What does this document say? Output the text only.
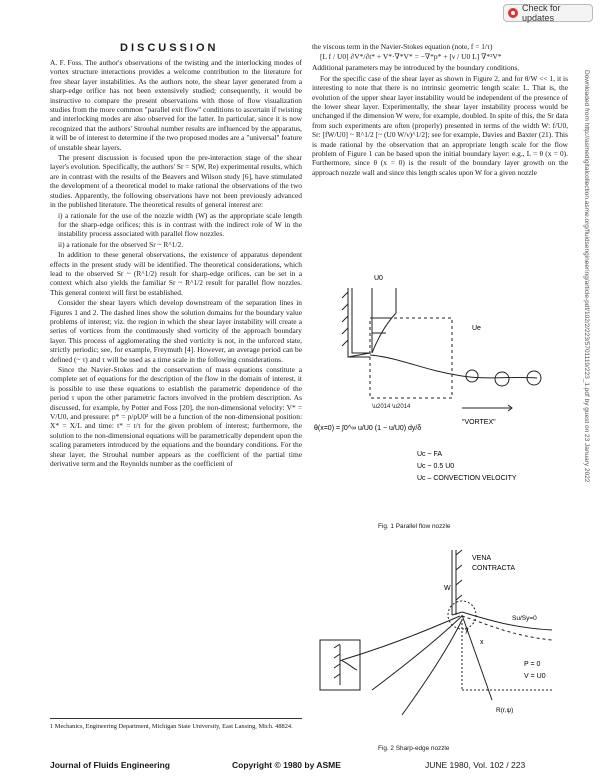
Check for updates
Downloaded from http://asmedigitalcollection.asme.org/fluidsengineering/article-pdf/102/2/223/5701119/223_1.pdf by guest on 23 January 2022
DISCUSSION

A. F. Foss. The author's observations of the twisting and the interlocking modes of vortex structure interactions provides a welcome contribution to the literature for free shear layer instabilities. As the authors note, the shear layer generated from a sharp-edge orifice has not been extensively studied; consequently, it would be instructive to compare the present observations with those of flow visualization studies from the more common "parallel exit flow" conditions to ascertain if twisting and interlocking modes are also observed for the latter. In particular, since it is now recognized that the authors' Strouhal number results are influenced by the apparatus, it will be of interest to determine if the two proposed modes are a "universal" feature of unstable shear layers.

The present discussion is focused upon the pre-interaction stage of the shear layer's evolution. Specifically, the authors' Sr = S(W, Re) experimental results, which are in contrast with the results of the Beavers and Wilson study [6], have stimulated the development of a theoretical model to make rational the observations of the two studies. Apparently, the following observations have not been previously advanced in the published literature. The theoretical results of general interest are:

i) a rationale for the use of the nozzle width (W) as the appropriate scale length for the sharp-edge orifices; this is in contrast with the indirect role of W in the instability process associated with parallel flow nozzles.

ii) a rationale for the observed Sr ~ R^1/2.

In addition to these general observations, the existence of apparatus dependent effects in the present study will be identified. The theoretical considerations, which lead to the observed Sr ~ (R^1/2) result for sharp-edge orifices, can be set in a context which also yields the familiar Sr ~ R^1/2 result for parallel flow nozzles. This general context will first be established.

Consider the shear layers which develop downstream of the separation lines in Figures 1 and 2. The dashed lines show the solution domains for the boundary value problems of interest; viz. the region in which the shear layer instability will create a series of vortices from the continuously shed vorticity of the approach boundary layer. This process of agglomerating the shed vorticity is not, in the unforced state, strictly periodic; see, for example, Freymuth [4]. However, an average period can be defined (~ τ) and τ will be used as a time scale in the following considerations.

Since the Navier-Stokes and the conservation of mass equations constitute a complete set of equations for the description of the flow in the domain of interest, it is possible to use these equations to establish the parametric dependence of the period τ upon the other parametric factors involved in the problem description. As discussed, for example, by Potter and Foss [20], the non-dimensional velocity: V* = V/U0, and pressure: p* = p/ρU0² will be a function of the non-dimensional position: X* = X/L and time: t* = t/τ for the given problem of interest; furthermore, the solution to the non-dimensional equations will be parametrically dependent upon the scaling parameters introduced by the equations and the boundary conditions. For the shear layer, the Strouhal number appears as the coefficient of the partial time derivative term and the Reynolds number as the coefficient of

the viscous term in the Navier-Stokes equation (note, f = 1/τ)

[L f / U0] ∂V*/∂t* + V*·∇*V* = −∇*p* + [ν / U0 L] ∇*²V*

Additional parameters may be introduced by the boundary conditions.

For the specific case of the shear layer as shown in Figure 2, and for θ/W << 1, it is interesting to note that there is no intrinsic geometric length scale: L. That is, the evolution of the upper shear layer instability would be independent of the presence of the lower shear layer. Experimentally, the shear layer instability process would be unchanged if the dimension W were, for example, doubled. In spite of this, the Sr data from such experiments are often (properly) presented in terms of the width W: f/U0, Sr: [fW/U0] ~ R^1/2 [~ (U0 W/ν)^1/2]; see for example, Davies and Baxter (21). This is made rational by the observation that an appropriate length scale for the flow problem of Figure 1 can be based upon the initial boundary layer: e.g., L = θ (x = 0). Furthermore, since θ (x = 0) is the result of the boundary layer growth on the approach nozzle wall and since this length scales upon W for a given nozzle

U0
Ue
\u2014 \u2014
θ(x=0) = ∫0^∞ u/U0 (1 − u/U0) dy/δ
"VORTEX"
Uc ~ FA
Uc ~ 0.5 U0
Uc – CONVECTION VELOCITY
Fig. 1 Parallel flow nozzle
VENA
CONTRACTA
Su/Sy=0
P = 0
V = U0
y
x
W
R(r,ψ)
Fig. 2 Sharp-edge nozzle
1 Mechanics, Engineering Department, Michigan State University, East Lansing, Mich. 48824.
Journal of Fluids Engineering	Copyright © 1980 by ASME	JUNE 1980, Vol. 102 / 223
